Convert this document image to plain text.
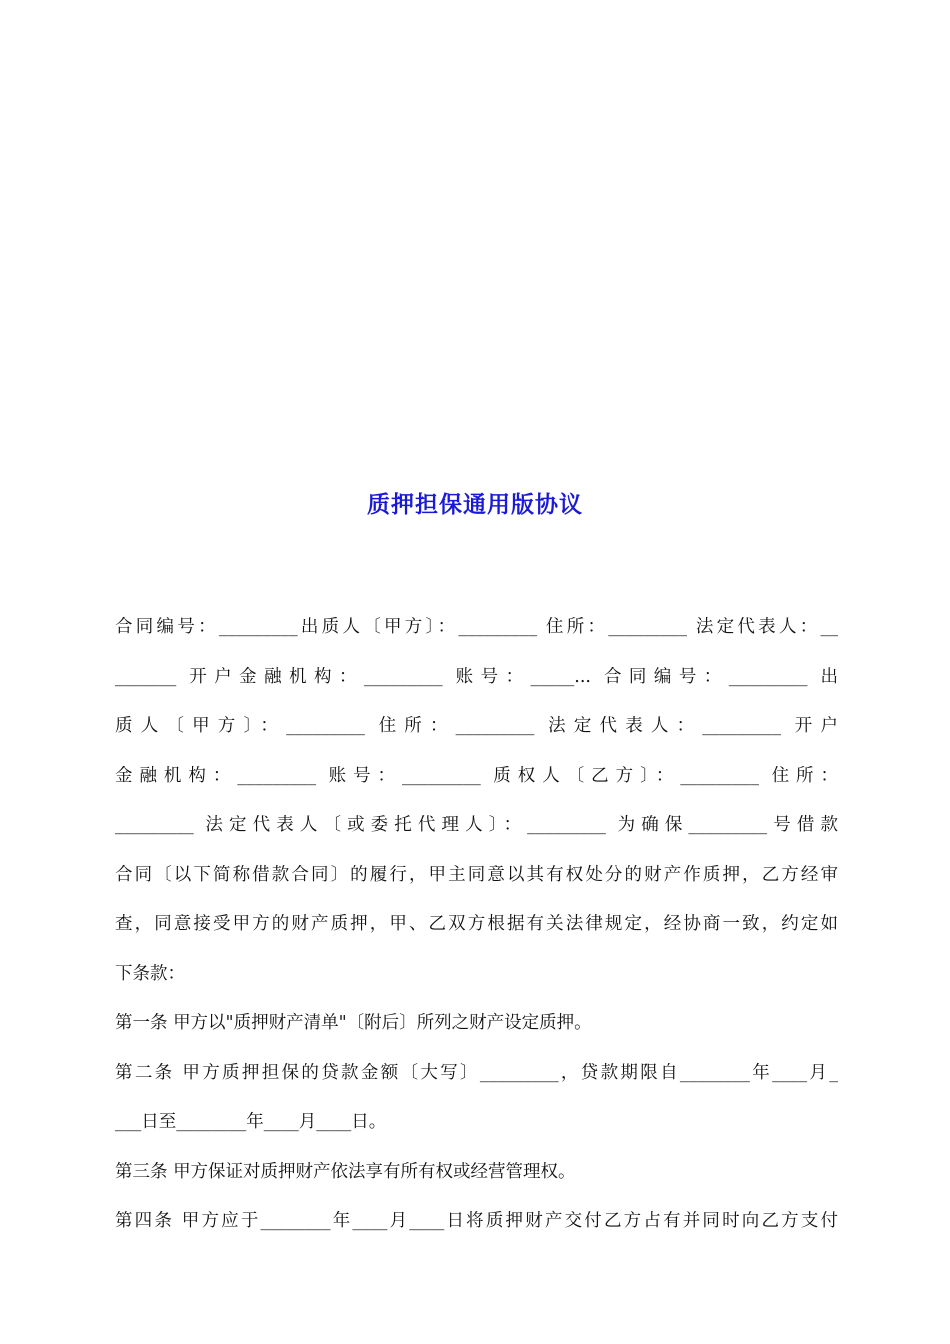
质押担保通用版协议
合同编号：_________出质人〔甲方〕：_________ 住所：_________ 法定代表人：__
_______ 开户金融机构：_________ 账号：_____... 合同编号：_________ 出
质人〔甲方〕：_________ 住所：_________ 法定代表人：_________ 开户
金融机构：_________ 账号：_________ 质权人〔乙方〕：_________ 住所：
_________ 法定代表人〔或委托代理人〕：_________ 为确保_________号借款
合同〔以下简称借款合同〕的履行，甲主同意以其有权处分的财产作质押，乙方经审
查，同意接受甲方的财产质押，甲、乙双方根据有关法律规定，经协商一致，约定如
下条款：
第一条 甲方以"质押财产清单"〔附后〕所列之财产设定质押。
第二条 甲方质押担保的贷款金额〔大写〕_________，贷款期限自________年____月_
___日至________年____月____日。
第三条 甲方保证对质押财产依法享有所有权或经营管理权。
第四条 甲方应于________年____月____日将质押财产交付乙方占有并同时向乙方支付
